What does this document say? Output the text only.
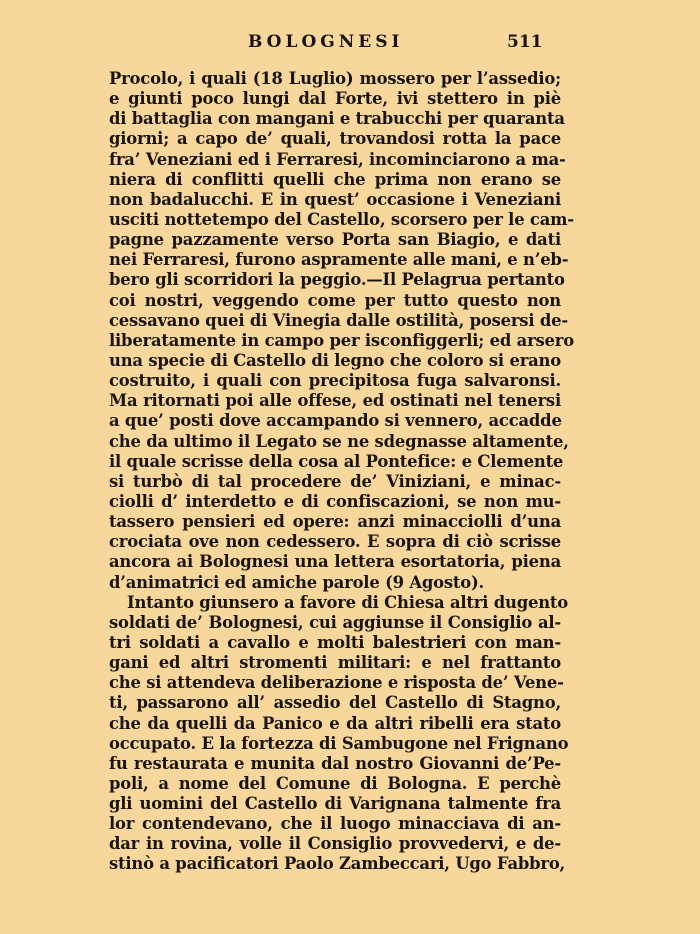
BOLOGNESI	511
Procolo, i quali (18 Luglio) mossero per l’assedio;
e giunti poco lungi dal Forte, ivi stettero in piè
di battaglia con mangani e trabucchi per quaranta
giorni; a capo de’ quali, trovandosi rotta la pace
fra’ Veneziani ed i Ferraresi, incominciarono a ma-
niera di conflitti quelli che prima non erano se
non badalucchi. E in quest’ occasione i Veneziani
usciti nottetempo del Castello, scorsero per le cam-
pagne pazzamente verso Porta san Biagio, e dati
nei Ferraresi, furono aspramente alle mani, e n’eb-
bero gli scorridori la peggio.—Il Pelagrua pertanto
coi nostri, veggendo come per tutto questo non
cessavano quei di Vinegia dalle ostilità, posersi de-
liberatamente in campo per isconfiggerli; ed arsero
una specie di Castello di legno che coloro si erano
costruito, i quali con precipitosa fuga salvaronsi.
Ma ritornati poi alle offese, ed ostinati nel tenersi
a que’ posti dove accampando si vennero, accadde
che da ultimo il Legato se ne sdegnasse altamente,
il quale scrisse della cosa al Pontefice: e Clemente
si turbò di tal procedere de’ Viniziani, e minac-
ciolli d’ interdetto e di confiscazioni, se non mu-
tassero pensieri ed opere: anzi minacciolli d’una
crociata ove non cedessero. E sopra di ciò scrisse
ancora ai Bolognesi una lettera esortatoria, piena
d’animatrici ed amiche parole (9 Agosto).
Intanto giunsero a favore di Chiesa altri dugento
soldati de’ Bolognesi, cui aggiunse il Consiglio al-
tri soldati a cavallo e molti balestrieri con man-
gani ed altri stromenti militari: e nel frattanto
che si attendeva deliberazione e risposta de’ Vene-
ti, passarono all’ assedio del Castello di Stagno,
che da quelli da Panico e da altri ribelli era stato
occupato. E la fortezza di Sambugone nel Frignano
fu restaurata e munita dal nostro Giovanni de’Pe-
poli, a nome del Comune di Bologna. E perchè
gli uomini del Castello di Varignana talmente fra
lor contendevano, che il luogo minacciava di an-
dar in rovina, volle il Consiglio provvedervi, e de-
stinò a pacificatori Paolo Zambeccari, Ugo Fabbro,
